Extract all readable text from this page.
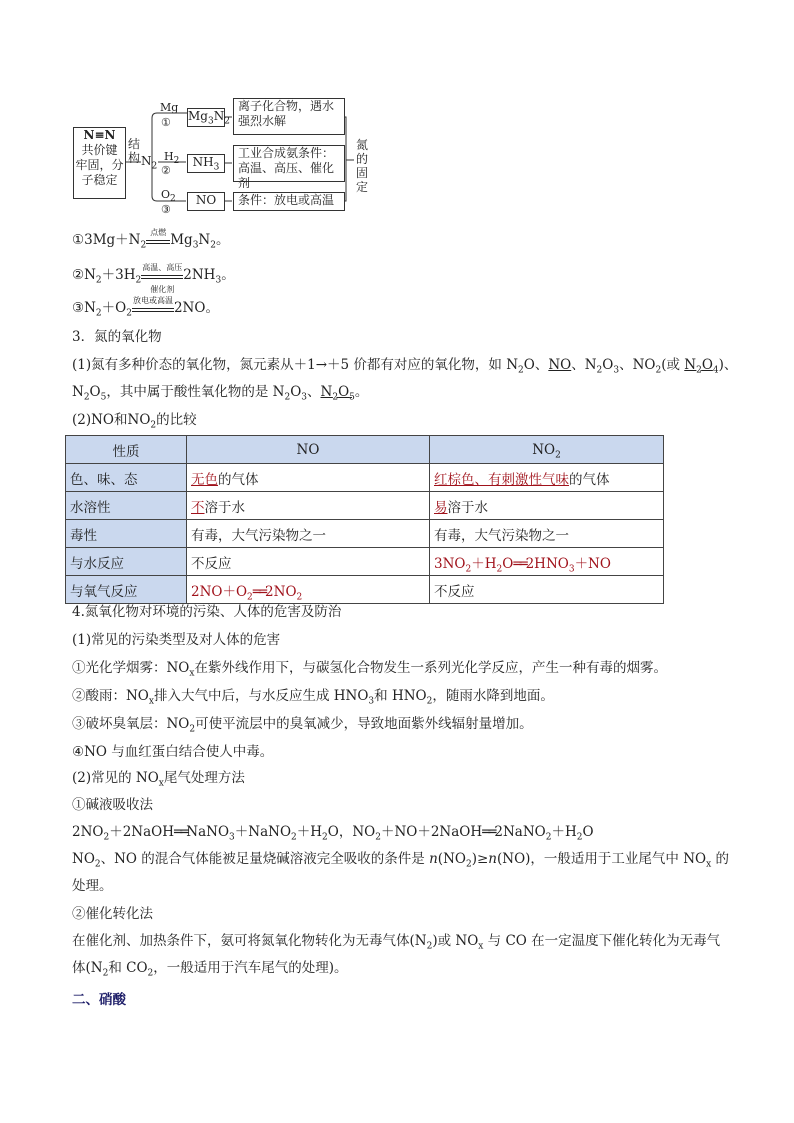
N≡N
共价键
牢固，分
子稳定
结构 $N_2$
Mg
① $Mg_3N_2$
离子化合物，遇水强烈水解
$H_2$
②
$NH_3$
工业合成氨条件：高温、高压、催化剂
$O_2$
③
NO	条件：放电或高温
氮的固定
$①3Mg+N_2$
点燃 $Mg_3N_2$。
$②N_2+3H_2$
高温、高压
催化剂
$2NH_3$。
$③N_2+O_2$
放电或高温 2NO。
3．氮的氧化物
(1)氮有多种价态的氧化物，氮元素从＋1→＋5 价都有对应的氧化物，如 $N_2O$、NO、$N_2O_3$、$NO_2$(或 $N_2O_4$)、
$N_2O_5$，其中属于酸性氧化物的是 $N_2O_3$、$N_2O_5$。
(2)NO和$NO_2$的比较
性质	NO	$NO_2$
色、味、态	无色的气体	红棕色、有刺激性气味的气体
水溶性	不溶于水	易溶于水
毒性	有毒，大气污染物之一	有毒，大气污染物之一
与水反应	不反应	$3NO_2+H_2O══2HNO_3+NO$
与氧气反应	$2NO+O_2══2NO_2$	不反应
4.氮氧化物对环境的污染、人体的危害及防治
(1)常见的污染类型及对人体的危害
①光化学烟雾：$NO_x$在紫外线作用下，与碳氢化合物发生一系列光化学反应，产生一种有毒的烟雾。
②酸雨：$NO_x$排入大气中后，与水反应生成 $HNO_3$和 $HNO_2$，随雨水降到地面。
③破坏臭氧层：$NO_2$可使平流层中的臭氧减少，导致地面紫外线辐射量增加。
④NO 与血红蛋白结合使人中毒。
(2)常见的 $NO_x$尾气处理方法
①碱液吸收法
$2NO_2+2NaOH══NaNO_3+NaNO_2+H_2O$，$NO_2+NO+2NaOH══2NaNO_2+H_2O$
$NO_2$、NO 的混合气体能被足量烧碱溶液完全吸收的条件是 $n(NO_2)\ge n(NO)$，一般适用于工业尾气中 $NO_x$ 的
处理。
②催化转化法
在催化剂、加热条件下，氨可将氮氧化物转化为无毒气体$(N_2)$或 $NO_x$ 与 CO 在一定温度下催化转化为无毒气
体($N_2$和 $CO_2$，一般适用于汽车尾气的处理)。
二、硝酸
